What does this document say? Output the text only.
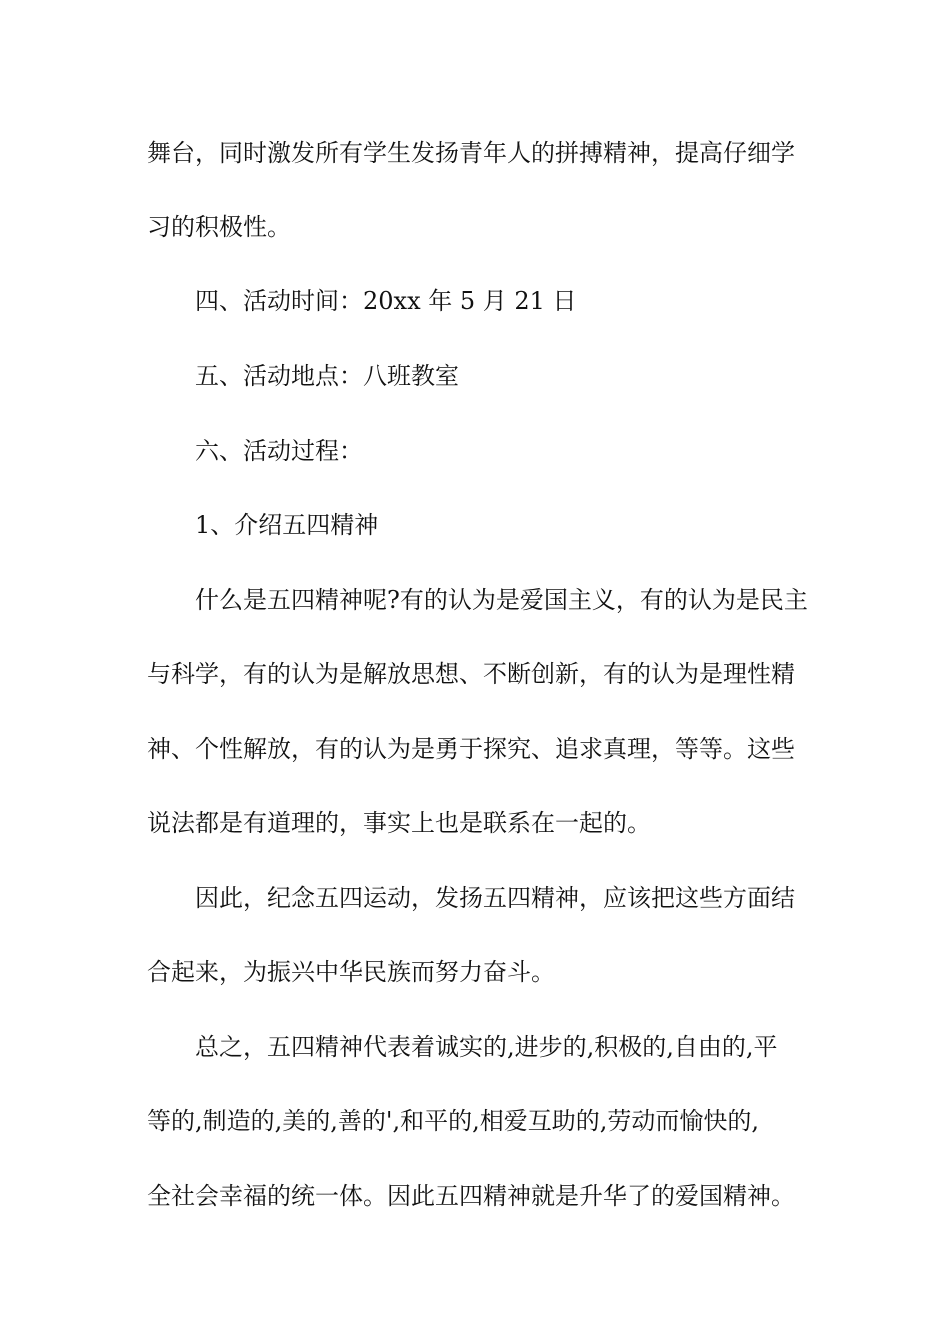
舞台，同时激发所有学生发扬青年人的拼搏精神，提高仔细学
习的积极性。
四、活动时间：20xx 年 5 月 21 日
五、活动地点：八班教室
六、活动过程：
1、介绍五四精神
什么是五四精神呢?有的认为是爱国主义，有的认为是民主
与科学，有的认为是解放思想、不断创新，有的认为是理性精
神、个性解放，有的认为是勇于探究、追求真理，等等。这些
说法都是有道理的，事实上也是联系在一起的。
因此，纪念五四运动，发扬五四精神，应该把这些方面结
合起来，为振兴中华民族而努力奋斗。
总之，五四精神代表着诚实的,进步的,积极的,自由的,平
等的,制造的,美的,善的',和平的,相爱互助的,劳动而愉快的,
全社会幸福的统一体。因此五四精神就是升华了的爱国精神。
